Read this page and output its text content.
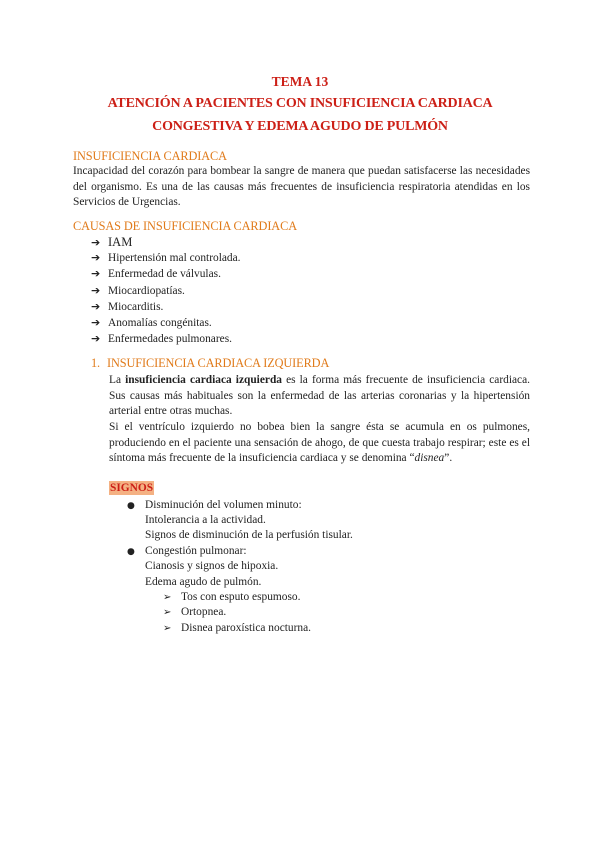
TEMA 13
ATENCIÓN A PACIENTES CON INSUFICIENCIA CARDIACA
CONGESTIVA Y EDEMA AGUDO DE PULMÓN
INSUFICIENCIA CARDIACA
Incapacidad del corazón para bombear la sangre de manera que puedan satisfacerse las necesidades del organismo. Es una de las causas más frecuentes de insuficiencia respiratoria atendidas en los Servicios de Urgencias.
CAUSAS DE INSUFICIENCIA CARDIACA
➔ IAM
➔ Hipertensión mal controlada.
➔ Enfermedad de válvulas.
➔ Miocardiopatías.
➔ Miocarditis.
➔ Anomalías congénitas.
➔ Enfermedades pulmonares.
1. INSUFICIENCIA CARDIACA IZQUIERDA
La insuficiencia cardiaca izquierda es la forma más frecuente de insuficiencia cardiaca. Sus causas más habituales son la enfermedad de las arterias coronarias y la hipertensión arterial entre otras muchas.
Si el ventrículo izquierdo no bobea bien la sangre ésta se acumula en os pulmones, produciendo en el paciente una sensación de ahogo, de que cuesta trabajo respirar; este es el síntoma más frecuente de la insuficiencia cardiaca y se denomina “disnea”.
SIGNOS
● Disminución del volumen minuto:
Intolerancia a la actividad.
Signos de disminución de la perfusión tisular.
● Congestión pulmonar:
Cianosis y signos de hipoxia.
Edema agudo de pulmón.
➢ Tos con esputo espumoso.
➢ Ortopnea.
➢ Disnea paroxística nocturna.
